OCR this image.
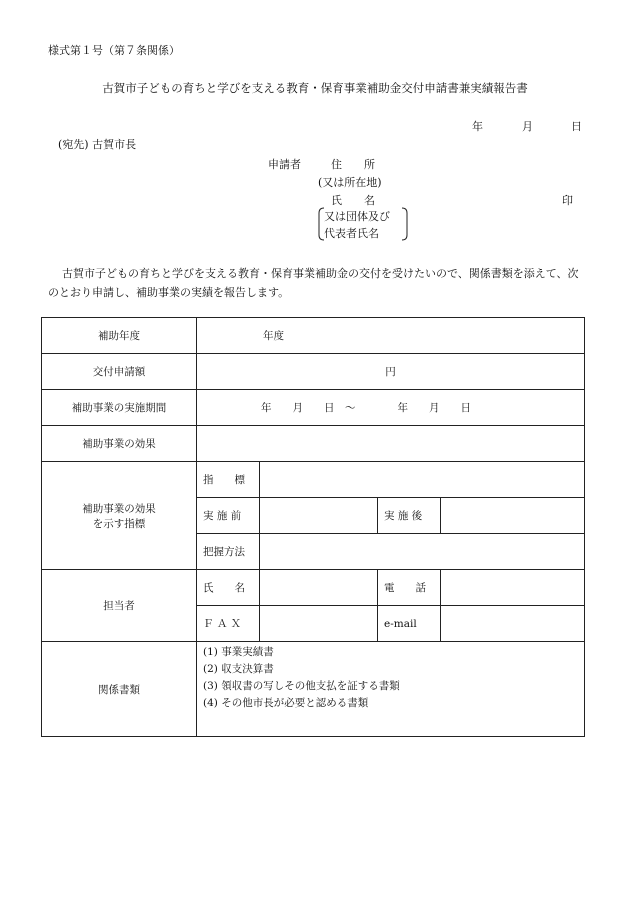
様式第１号（第７条関係）
古賀市子どもの育ちと学びを支える教育・保育事業補助金交付申請書兼実績報告書
年	月	日
(宛先) 古賀市長
申請者	住　　所
(又は所在地)
氏　　名	印
又は団体及び
代表者氏名
古賀市子どもの育ちと学びを支える教育・保育事業補助金の交付を受けたいので、関係書類を添えて、次のとおり申請し、補助事業の実績を報告します。
補助年度	年度			
交付申請額	円			
補助事業の実施期間	年　　月　　日　～　　　　年　　月　　日			
補助事業の効果				

補助事業の効果
を示す指標	指　　標			
	実 施 前		実 施 後	
	把握方法			
担当者	氏　　名		電　　話	
	Ｆ Ａ Ｘ		e-mail	
関係書類	(1) 事業実績書
(2) 収支決算書
(3) 領収書の写しその他支払を証する書類
(4) その他市長が必要と認める書類			
